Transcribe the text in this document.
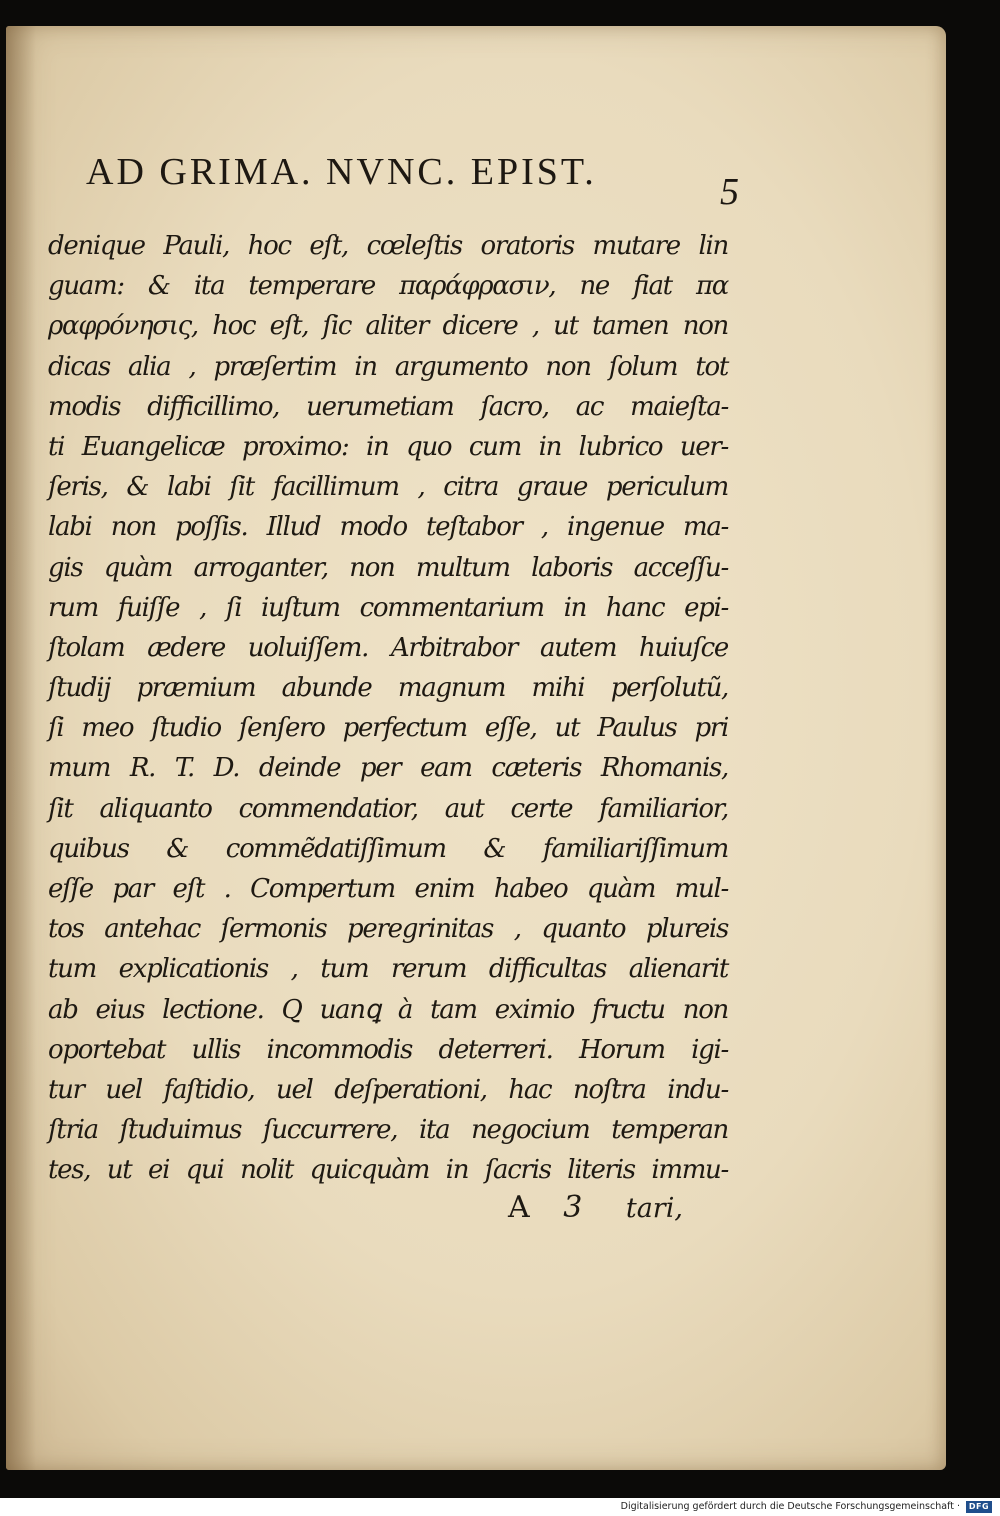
AD GRIMA. NVNC. EPIST.	5
denique Pauli, hoc eſt, cœleſtis oratoris mutare lin
guam: & ita temperare παράφρασιν, ne fiat πα
ραφρόνησις, hoc eſt, ſic aliter dicere , ut tamen non
dicas alia , præſertim in argumento non ſolum tot
modis difficillimo, uerumetiam ſacro, ac maieſta-
ti Euangelicæ proximo: in quo cum in lubrico uer-
ſeris, & labi ſit facillimum , citra graue periculum
labi non poſſis. Illud modo teſtabor , ingenue ma-
gis quàm arroganter, non multum laboris acceſſu-
rum fuiſſe , ſi iuſtum commentarium in hanc epi-
ſtolam ædere uoluiſſem. Arbitrabor autem huiuſce
ſtudij præmium abunde magnum mihi perſolutũ,
ſi meo ſtudio ſenſero perfectum eſſe, ut Paulus pri
mum R. T. D. deinde per eam cæteris Rhomanis,
ſit aliquanto commendatior, aut certe familiarior,
quibus & commẽdatiſſimum & familiariſſimum
eſſe par eſt . Compertum enim habeo quàm mul-
tos antehac ſermonis peregrinitas , quanto plureis
tum explicationis , tum rerum difficultas alienarit
ab eius lectione. Q uanꝗ à tam eximio fructu non
oportebat ullis incommodis deterreri. Horum igi-
tur uel faſtidio, uel deſperationi, hac noſtra indu-
ſtria ſtuduimus ſuccurrere, ita negocium temperan
tes, ut ei qui nolit quicquàm in ſacris literis immu-
A 3 tari,
Digitalisierung gefördert durch die Deutsche Forschungsgemeinschaft ·	DFG
